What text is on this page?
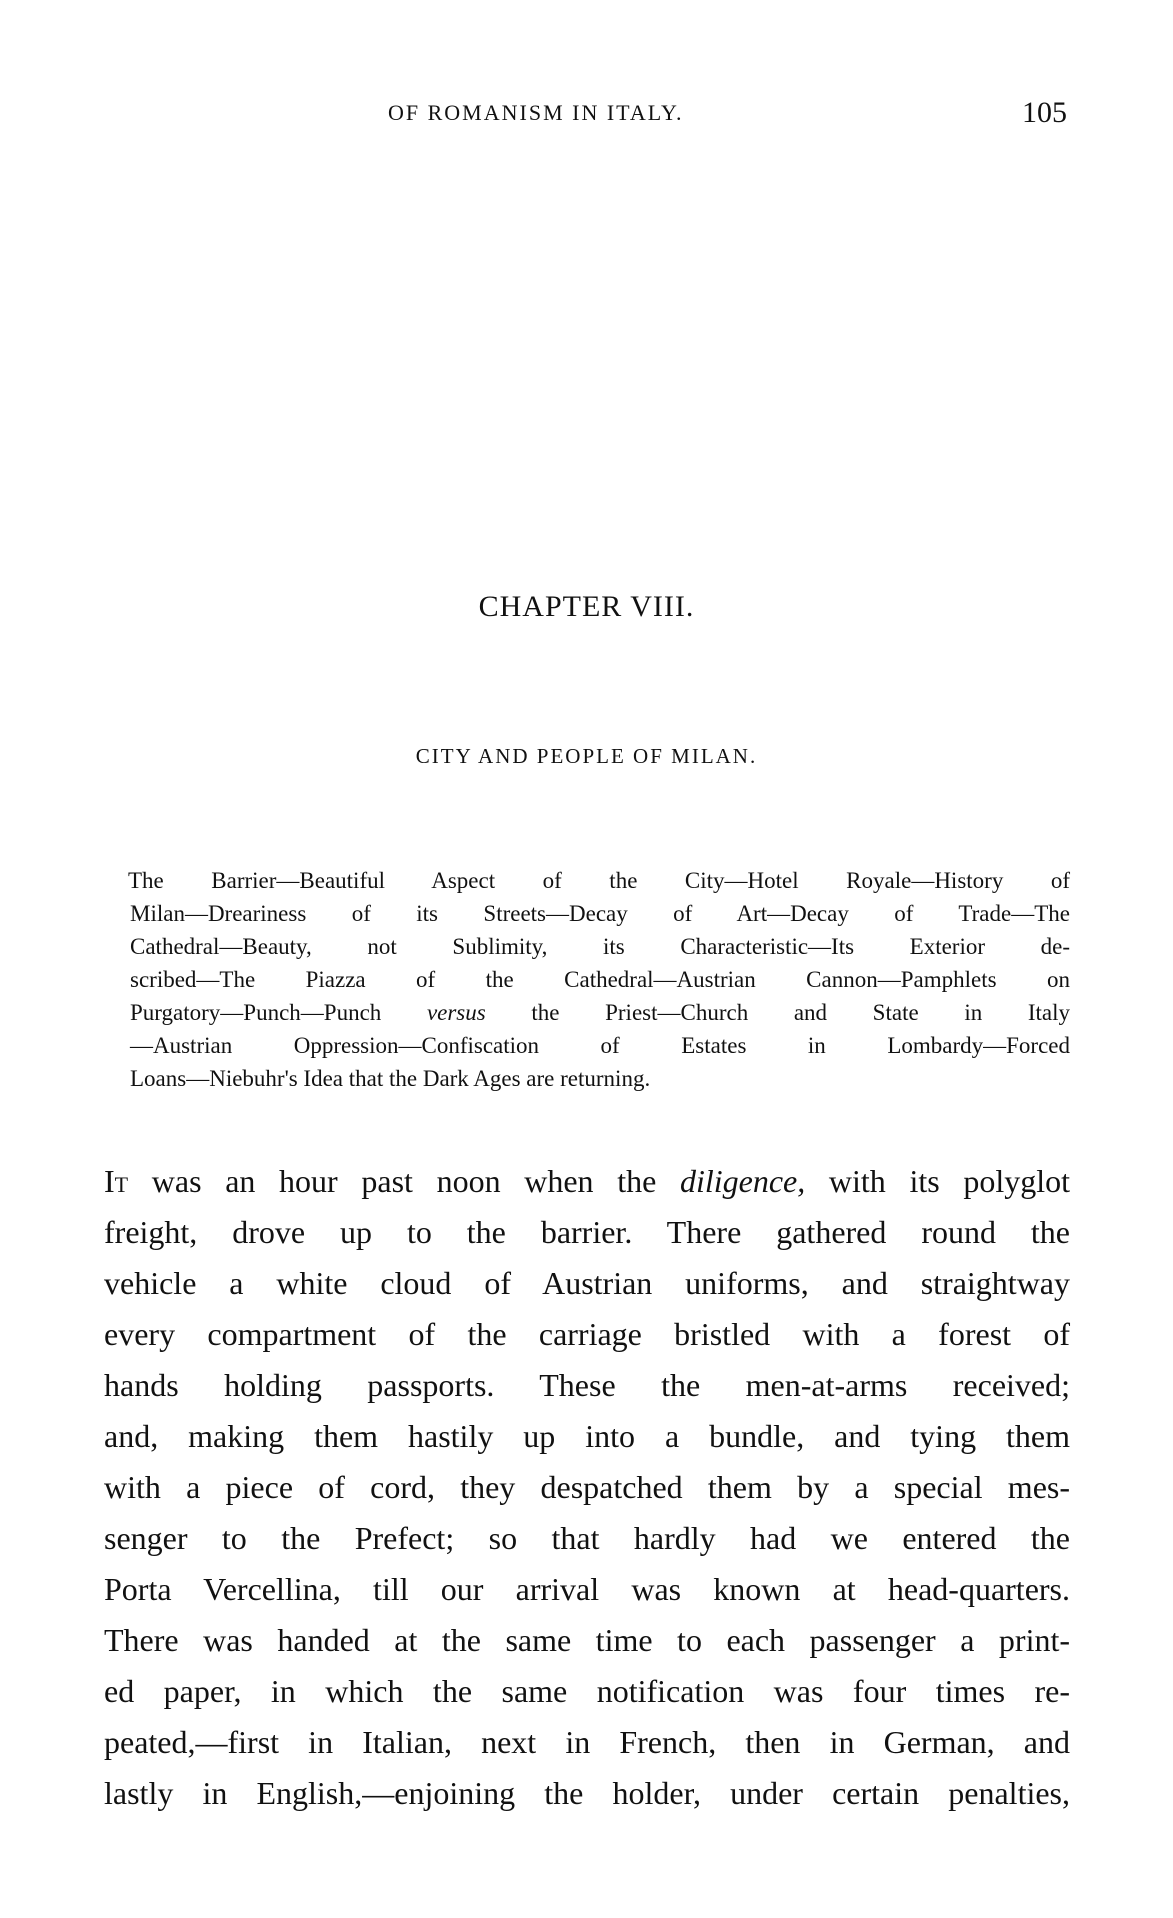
OF ROMANISM IN ITALY.	105
CHAPTER VIII.
CITY AND PEOPLE OF MILAN.
The Barrier—Beautiful Aspect of the City—Hotel Royale—History of
Milan—Dreariness of its Streets—Decay of Art—Decay of Trade—The
Cathedral—Beauty, not Sublimity, its Characteristic—Its Exterior de-
scribed—The Piazza of the Cathedral—Austrian Cannon—Pamphlets on
Purgatory—Punch—Punch versus the Priest—Church and State in Italy
—Austrian Oppression—Confiscation of Estates in Lombardy—Forced
Loans—Niebuhr's Idea that the Dark Ages are returning.
It was an hour past noon when the diligence, with its polyglot
freight, drove up to the barrier. There gathered round the
vehicle a white cloud of Austrian uniforms, and straightway
every compartment of the carriage bristled with a forest of
hands holding passports. These the men-at-arms received;
and, making them hastily up into a bundle, and tying them
with a piece of cord, they despatched them by a special mes-
senger to the Prefect; so that hardly had we entered the
Porta Vercellina, till our arrival was known at head-quarters.
There was handed at the same time to each passenger a print-
ed paper, in which the same notification was four times re-
peated,—first in Italian, next in French, then in German, and
lastly in English,—enjoining the holder, under certain penalties,
